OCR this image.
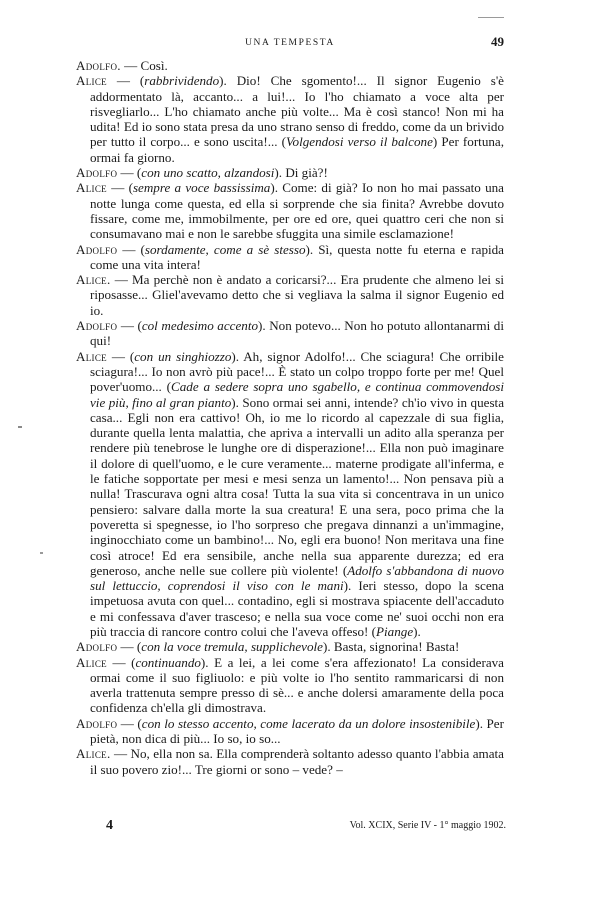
UNA TEMPESTA	49

Adolfo. — Così.

Alice — (rabbrividendo). Dio! Che sgomento!... Il signor Eugenio s'è addormentato là, accanto... a lui!... Io l'ho chiamato a voce alta per risvegliarlo... L'ho chiamato anche più volte... Ma è così stanco! Non mi ha udita! Ed io sono stata presa da uno strano senso di freddo, come da un brivido per tutto il corpo... e sono uscita!... (Volgendosi verso il balcone) Per fortuna, ormai fa giorno.

Adolfo — (con uno scatto, alzandosi). Di già?!

Alice — (sempre a voce bassissima). Come: di già? Io non ho mai passato una notte lunga come questa, ed ella si sorprende che sia finita? Avrebbe dovuto fissare, come me, immobilmente, per ore ed ore, quei quattro ceri che non si consumavano mai e non le sarebbe sfuggita una simile esclamazione!

Adolfo — (sordamente, come a sè stesso). Sì, questa notte fu eterna e rapida come una vita intera!

Alice. — Ma perchè non è andato a coricarsi?... Era prudente che almeno lei si riposasse... Gliel'avevamo detto che si vegliava la salma il signor Eugenio ed io.

Adolfo — (col medesimo accento). Non potevo... Non ho potuto allontanarmi di qui!

Alice — (con un singhiozzo). Ah, signor Adolfo!... Che sciagura! Che orribile sciagura!... Io non avrò più pace!... È stato un colpo troppo forte per me! Quel pover'uomo... (Cade a sedere sopra uno sgabello, e continua commovendosi vie più, fino al gran pianto). Sono ormai sei anni, intende? ch'io vivo in questa casa... Egli non era cattivo! Oh, io me lo ricordo al capezzale di sua figlia, durante quella lenta malattia, che apriva a intervalli un adito alla speranza per rendere più tenebrose le lunghe ore di disperazione!... Ella non può imaginare il dolore di quell'uomo, e le cure veramente... materne prodigate all'inferma, e le fatiche sopportate per mesi e mesi senza un lamento!... Non pensava più a nulla! Trascurava ogni altra cosa! Tutta la sua vita si concentrava in un unico pensiero: salvare dalla morte la sua creatura! E una sera, poco prima che la poveretta si spegnesse, io l'ho sorpreso che pregava dinnanzi a un'immagine, inginocchiato come un bambino!... No, egli era buono! Non meritava una fine così atroce! Ed era sensibile, anche nella sua apparente durezza; ed era generoso, anche nelle sue collere più violente! (Adolfo s'abbandona di nuovo sul lettuccio, coprendosi il viso con le mani). Ieri stesso, dopo la scena impetuosa avuta con quel... contadino, egli si mostrava spiacente dell'accaduto e mi confessava d'aver trasceso; e nella sua voce come ne' suoi occhi non era più traccia di rancore contro colui che l'aveva offeso! (Piange).

Adolfo — (con la voce tremula, supplichevole). Basta, signorina! Basta!

Alice — (continuando). E a lei, a lei come s'era affezionato! La considerava ormai come il suo figliuolo: e più volte io l'ho sentito rammaricarsi di non averla trattenuta sempre presso di sè... e anche dolersi amaramente della poca confidenza ch'ella gli dimostrava.

Adolfo — (con lo stesso accento, come lacerato da un dolore insostenibile). Per pietà, non dica di più... Io so, io so...

Alice. — No, ella non sa. Ella comprenderà soltanto adesso quanto l'abbia amata il suo povero zio!... Tre giorni or sono – vede? –

4	Vol. XCIX, Serie IV - 1° maggio 1902.
